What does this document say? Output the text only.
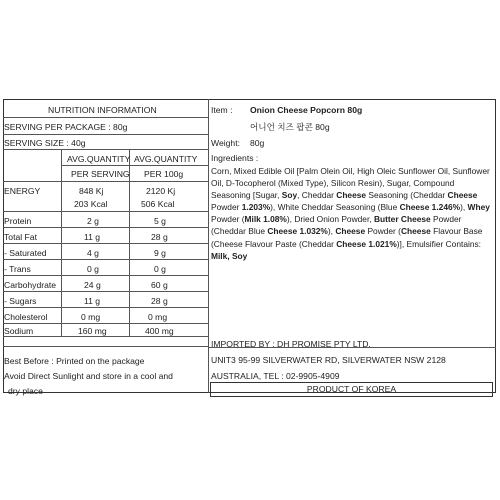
NUTRITION INFORMATION
SERVING PER PACKAGE : 80g
SERVING SIZE : 40g
AVG.QUANTITY AVG.QUANTITY
PER SERVING PER 100g
ENERGY	848 Kj	2120 Kj
203 Kcal	506 Kcal
Protein	2 g	5 g
Total Fat	11 g	28 g
- Saturated	4 g	9 g
- Trans	0 g	0 g
Carbohydrate	24 g	60 g
- Sugars	11 g	28 g
Cholesterol	0 mg	0 mg
Sodium	160 mg	400 mg
Best Before : Printed on the package
Avoid Direct Sunlight and store in a cool and
dry place
Item : Onion Cheese Popcorn 80g
어니언 치즈 팝콘 80g
Weight: 80g
Ingredients :
Corn, Mixed Edible Oil [Palm Olein Oil, High Oleic Sunflower Oil, Sunflower Oil, D-Tocopherol (Mixed Type), Silicon Resin), Sugar, Compound Seasoning [Sugar, Soy, Cheddar Cheese Seasoning (Cheddar Cheese Powder 1.203%), White Cheddar Seasoning (Blue Cheese 1.246%), Whey Powder (Milk 1.08%), Dried Onion Powder, Butter Cheese Powder (Cheddar Blue Cheese 1.032%), Cheese Powder (Cheese Flavour Base (Cheese Flavour Paste (Cheddar Cheese 1.021%)], Emulsifier Contains: Milk, Soy
IMPORTED BY : DH PROMISE PTY LTD.
UNIT3 95-99 SILVERWATER RD, SILVERWATER NSW 2128
AUSTRALIA, TEL : 02-9905-4909
PRODUCT OF KOREA
